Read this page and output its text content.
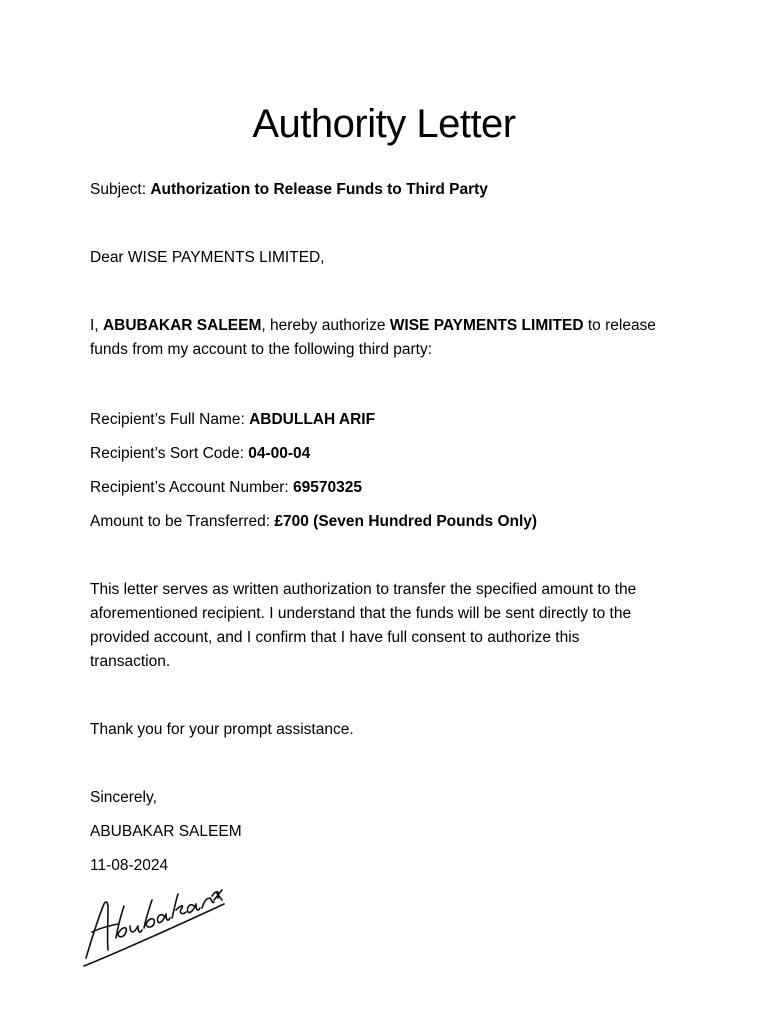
Authority Letter
Subject: Authorization to Release Funds to Third Party
Dear WISE PAYMENTS LIMITED,
I, ABUBAKAR SALEEM, hereby authorize WISE PAYMENTS LIMITED to release
funds from my account to the following third party:
Recipient’s Full Name: ABDULLAH ARIF
Recipient’s Sort Code: 04-00-04
Recipient’s Account Number: 69570325
Amount to be Transferred: £700 (Seven Hundred Pounds Only)
This letter serves as written authorization to transfer the specified amount to the
aforementioned recipient. I understand that the funds will be sent directly to the
provided account, and I confirm that I have full consent to authorize this
transaction.
Thank you for your prompt assistance.
Sincerely,
ABUBAKAR SALEEM
11-08-2024
